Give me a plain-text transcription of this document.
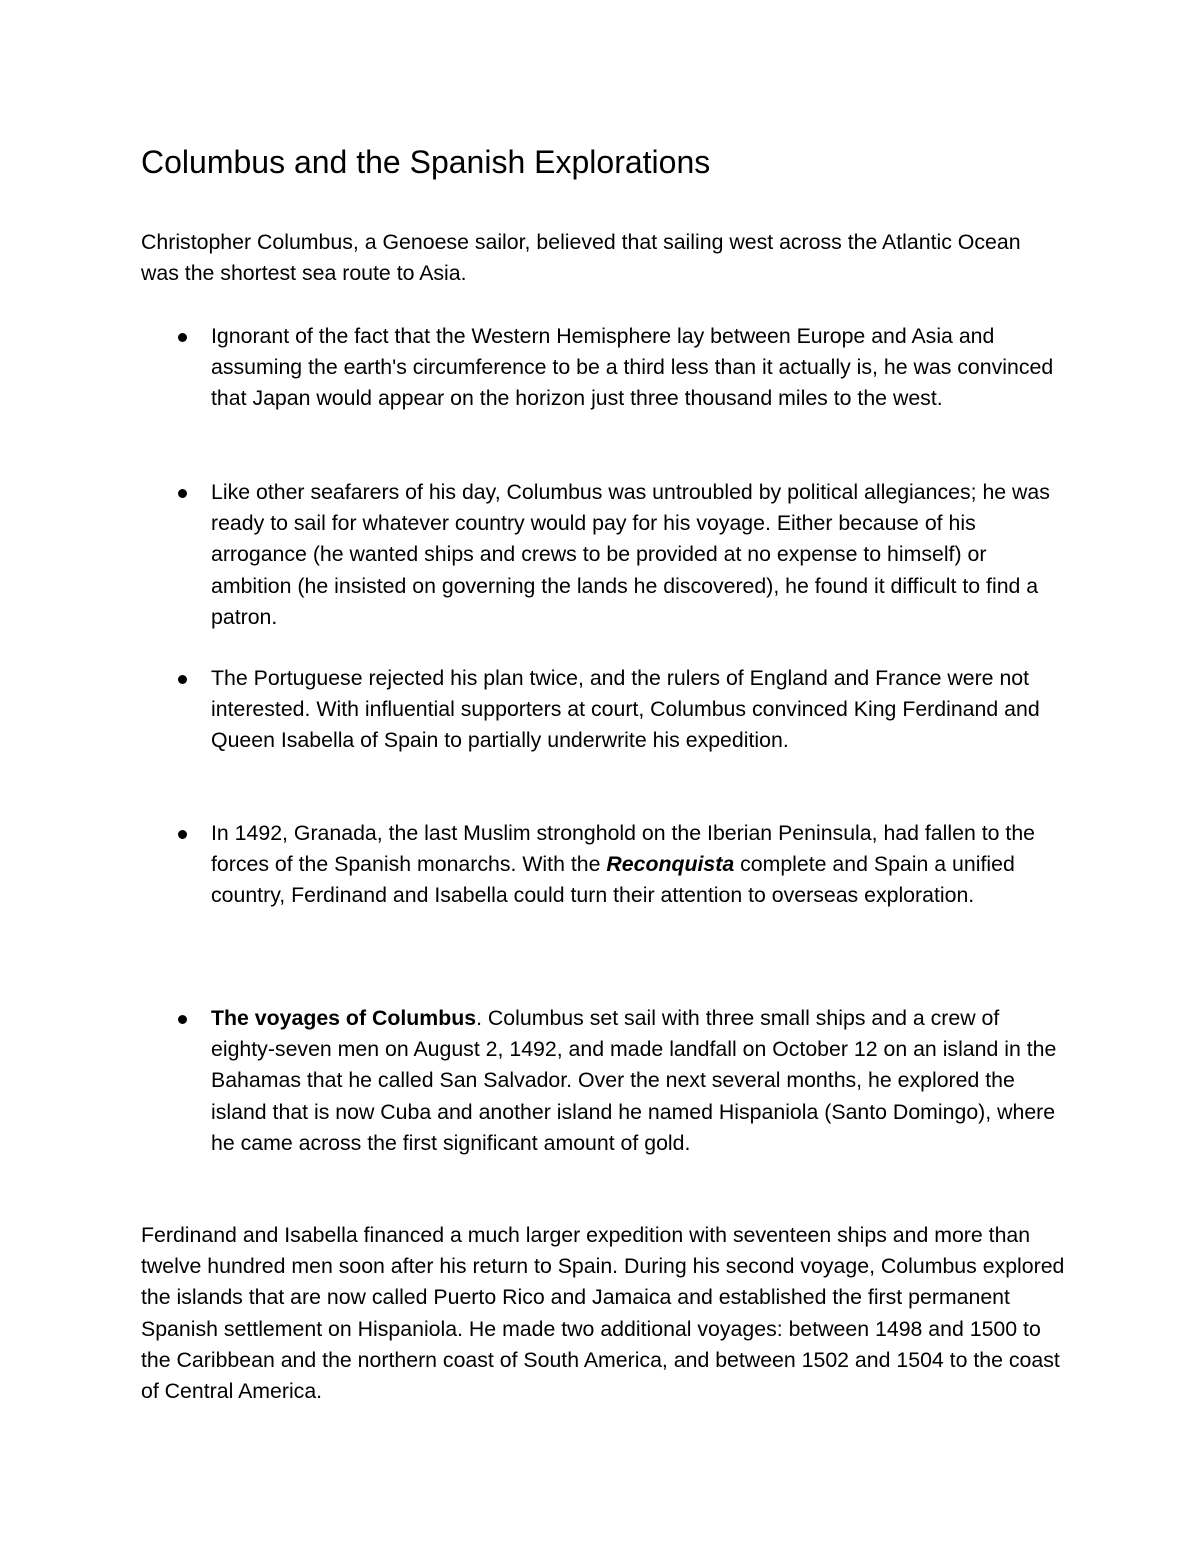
Columbus and the Spanish Explorations

Christopher Columbus, a Genoese sailor, believed that sailing west across the Atlantic Ocean was the shortest sea route to Asia.

Ignorant of the fact that the Western Hemisphere lay between Europe and Asia and assuming the earth's circumference to be a third less than it actually is, he was convinced that Japan would appear on the horizon just three thousand miles to the west.
Like other seafarers of his day, Columbus was untroubled by political allegiances; he was ready to sail for whatever country would pay for his voyage. Either because of his arrogance (he wanted ships and crews to be provided at no expense to himself) or ambition (he insisted on governing the lands he discovered), he found it difficult to find a patron.
The Portuguese rejected his plan twice, and the rulers of England and France were not interested. With influential supporters at court, Columbus convinced King Ferdinand and Queen Isabella of Spain to partially underwrite his expedition.
In 1492, Granada, the last Muslim stronghold on the Iberian Peninsula, had fallen to the forces of the Spanish monarchs. With the Reconquista complete and Spain a unified country, Ferdinand and Isabella could turn their attention to overseas exploration.
The voyages of Columbus. Columbus set sail with three small ships and a crew of eighty-seven men on August 2, 1492, and made landfall on October 12 on an island in the Bahamas that he called San Salvador. Over the next several months, he explored the island that is now Cuba and another island he named Hispaniola (Santo Domingo), where he came across the first significant amount of gold.

Ferdinand and Isabella financed a much larger expedition with seventeen ships and more than twelve hundred men soon after his return to Spain. During his second voyage, Columbus explored the islands that are now called Puerto Rico and Jamaica and established the first permanent Spanish settlement on Hispaniola. He made two additional voyages: between 1498 and 1500 to the Caribbean and the northern coast of South America, and between 1502 and 1504 to the coast of Central America.
